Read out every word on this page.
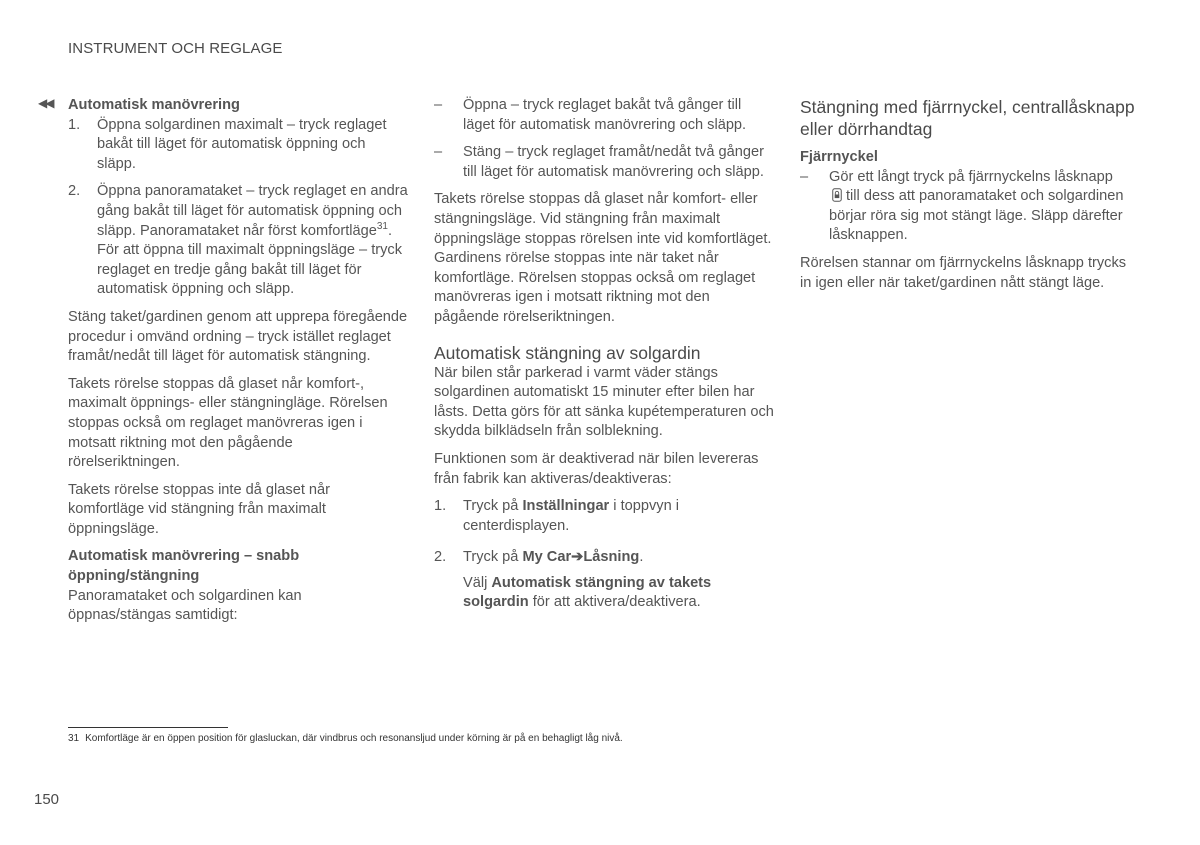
INSTRUMENT OCH REGLAGE
◀◀ Automatisk manövrering
1.	Öppna solgardinen maximalt – tryck reglaget bakåt till läget för automatisk öppning och släpp.
2.	Öppna panoramataket – tryck reglaget en andra gång bakåt till läget för automatisk öppning och släpp. Panoramataket når först komfortläge$^{31}$. För att öppna till maximalt öppningsläge – tryck reglaget en tredje gång bakåt till läget för automatisk öppning och släpp.

Stäng taket/gardinen genom att upprepa föregående procedur i omvänd ordning – tryck istället reglaget framåt/nedåt till läget för automatisk stängning.

Takets rörelse stoppas då glaset når komfort-, maximalt öppnings- eller stängningläge. Rörelsen stoppas också om reglaget manövreras igen i motsatt riktning mot den pågående rörelseriktningen.

Takets rörelse stoppas inte då glaset når komfortläge vid stängning från maximalt öppningsläge.

Automatisk manövrering – snabb öppning/stängning

Panoramataket och solgardinen kan öppnas/stängas samtidigt:

–	Öppna – tryck reglaget bakåt två gånger till läget för automatisk manövrering och släpp.
–	Stäng – tryck reglaget framåt/nedåt två gånger till läget för automatisk manövrering och släpp.

Takets rörelse stoppas då glaset når komfort- eller stängningsläge. Vid stängning från maximalt öppningsläge stoppas rörelsen inte vid komfortläget. Gardinens rörelse stoppas inte när taket når komfortläge. Rörelsen stoppas också om reglaget manövreras igen i motsatt riktning mot den pågående rörelseriktningen.

Automatisk stängning av solgardin

När bilen står parkerad i varmt väder stängs solgardinen automatiskt 15 minuter efter bilen har låsts. Detta görs för att sänka kupétemperaturen och skydda bilklädseln från solblekning.

Funktionen som är deaktiverad när bilen levereras från fabrik kan aktiveras/deaktiveras:

1.	Tryck på Inställningar i toppvyn i centerdisplayen.
2.	Tryck på My Car➔Låsning.
Välj Automatisk stängning av takets solgardin för att aktivera/deaktivera.
Stängning med fjärrnyckel, centrallåsknapp eller dörrhandtag
Fjärrnyckel
–	Gör ett långt tryck på fjärrnyckelns låsknapp
till dess att panoramataket och solgardinen börjar röra sig mot stängt läge. Släpp därefter låsknappen.

Rörelsen stannar om fjärrnyckelns låsknapp trycks in igen eller när taket/gardinen nått stängt läge.

31 Komfortläge är en öppen position för glasluckan, där vindbrus och resonansljud under körning är på en behagligt låg nivå.
150
